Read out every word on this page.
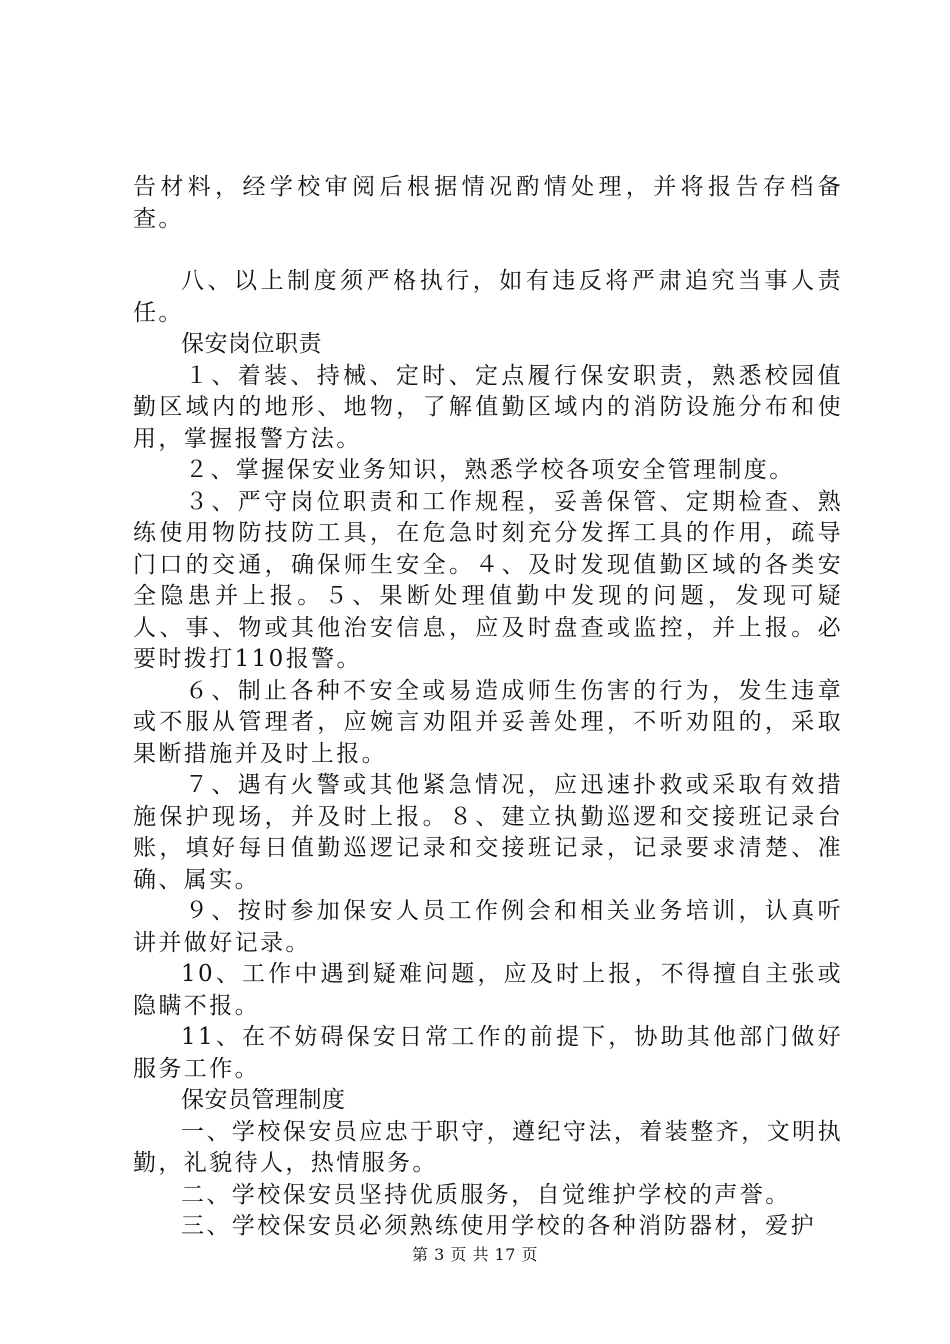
告材料，经学校审阅后根据情况酌情处理，并将报告存档备查。

八、以上制度须严格执行，如有违反将严肃追究当事人责任。

保安岗位职责

１、着装、持械、定时、定点履行保安职责，熟悉校园值勤区域内的地形、地物，了解值勤区域内的消防设施分布和使用，掌握报警方法。

２、掌握保安业务知识，熟悉学校各项安全管理制度。

３、严守岗位职责和工作规程，妥善保管、定期检查、熟练使用物防技防工具，在危急时刻充分发挥工具的作用，疏导门口的交通，确保师生安全。４、及时发现值勤区域的各类安全隐患并上报。５、果断处理值勤中发现的问题，发现可疑人、事、物或其他治安信息，应及时盘查或监控，并上报。必要时拨打110报警。

６、制止各种不安全或易造成师生伤害的行为，发生违章或不服从管理者，应婉言劝阻并妥善处理，不听劝阻的，采取果断措施并及时上报。

７、遇有火警或其他紧急情况，应迅速扑救或采取有效措施保护现场，并及时上报。８、建立执勤巡逻和交接班记录台账，填好每日值勤巡逻记录和交接班记录，记录要求清楚、准确、属实。

９、按时参加保安人员工作例会和相关业务培训，认真听讲并做好记录。

10、工作中遇到疑难问题，应及时上报，不得擅自主张或隐瞒不报。

11、在不妨碍保安日常工作的前提下，协助其他部门做好服务工作。

保安员管理制度

一、学校保安员应忠于职守，遵纪守法，着装整齐，文明执勤，礼貌待人，热情服务。

二、学校保安员坚持优质服务，自觉维护学校的声誉。

三、学校保安员必须熟练使用学校的各种消防器材，爱护

第 3 页 共 17 页
